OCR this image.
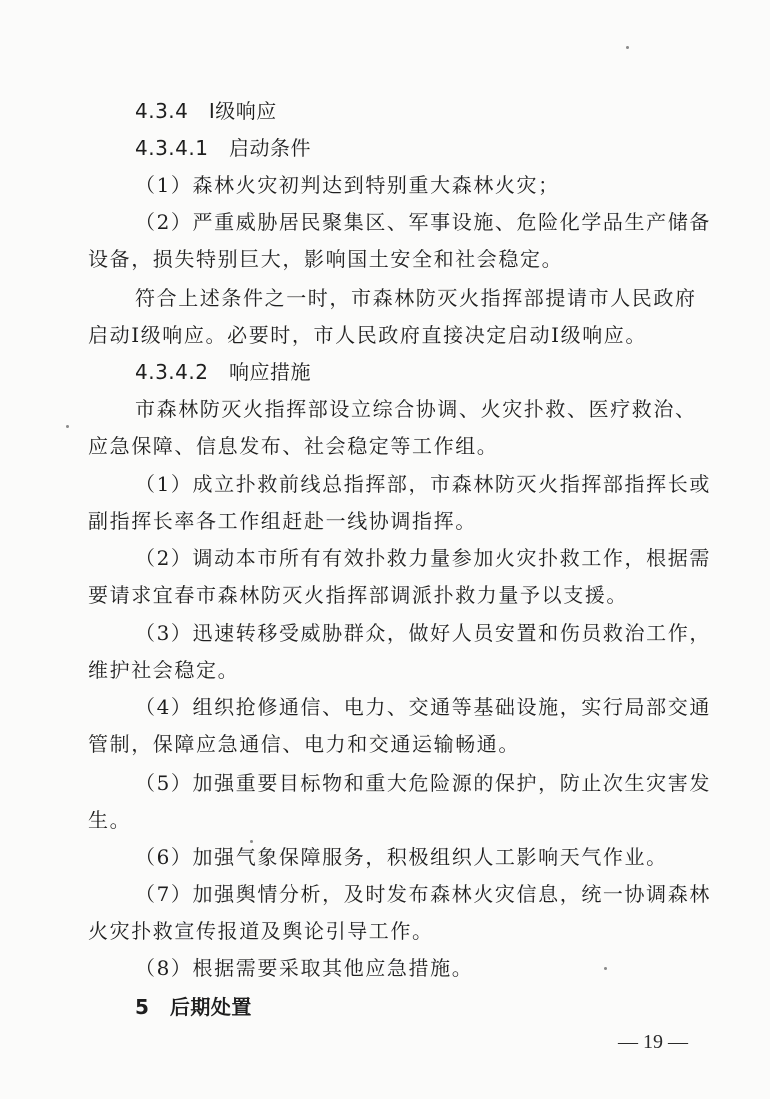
4.3.4　Ⅰ级响应
4.3.4.1　启动条件
（1）森林火灾初判达到特别重大森林火灾；
（2）严重威胁居民聚集区、军事设施、危险化学品生产储备
设备，损失特别巨大，影响国土安全和社会稳定。
符合上述条件之一时，市森林防灭火指挥部提请市人民政府
启动Ⅰ级响应。必要时，市人民政府直接决定启动Ⅰ级响应。
4.3.4.2　响应措施
市森林防灭火指挥部设立综合协调、火灾扑救、医疗救治、
应急保障、信息发布、社会稳定等工作组。
（1）成立扑救前线总指挥部，市森林防灭火指挥部指挥长或
副指挥长率各工作组赶赴一线协调指挥。
（2）调动本市所有有效扑救力量参加火灾扑救工作，根据需
要请求宜春市森林防灭火指挥部调派扑救力量予以支援。
（3）迅速转移受威胁群众，做好人员安置和伤员救治工作，
维护社会稳定。
（4）组织抢修通信、电力、交通等基础设施，实行局部交通
管制，保障应急通信、电力和交通运输畅通。
（5）加强重要目标物和重大危险源的保护，防止次生灾害发
生。
（6）加强气象保障服务，积极组织人工影响天气作业。
（7）加强舆情分析，及时发布森林火灾信息，统一协调森林
火灾扑救宣传报道及舆论引导工作。
（8）根据需要采取其他应急措施。
5　后期处置
— 19 —
